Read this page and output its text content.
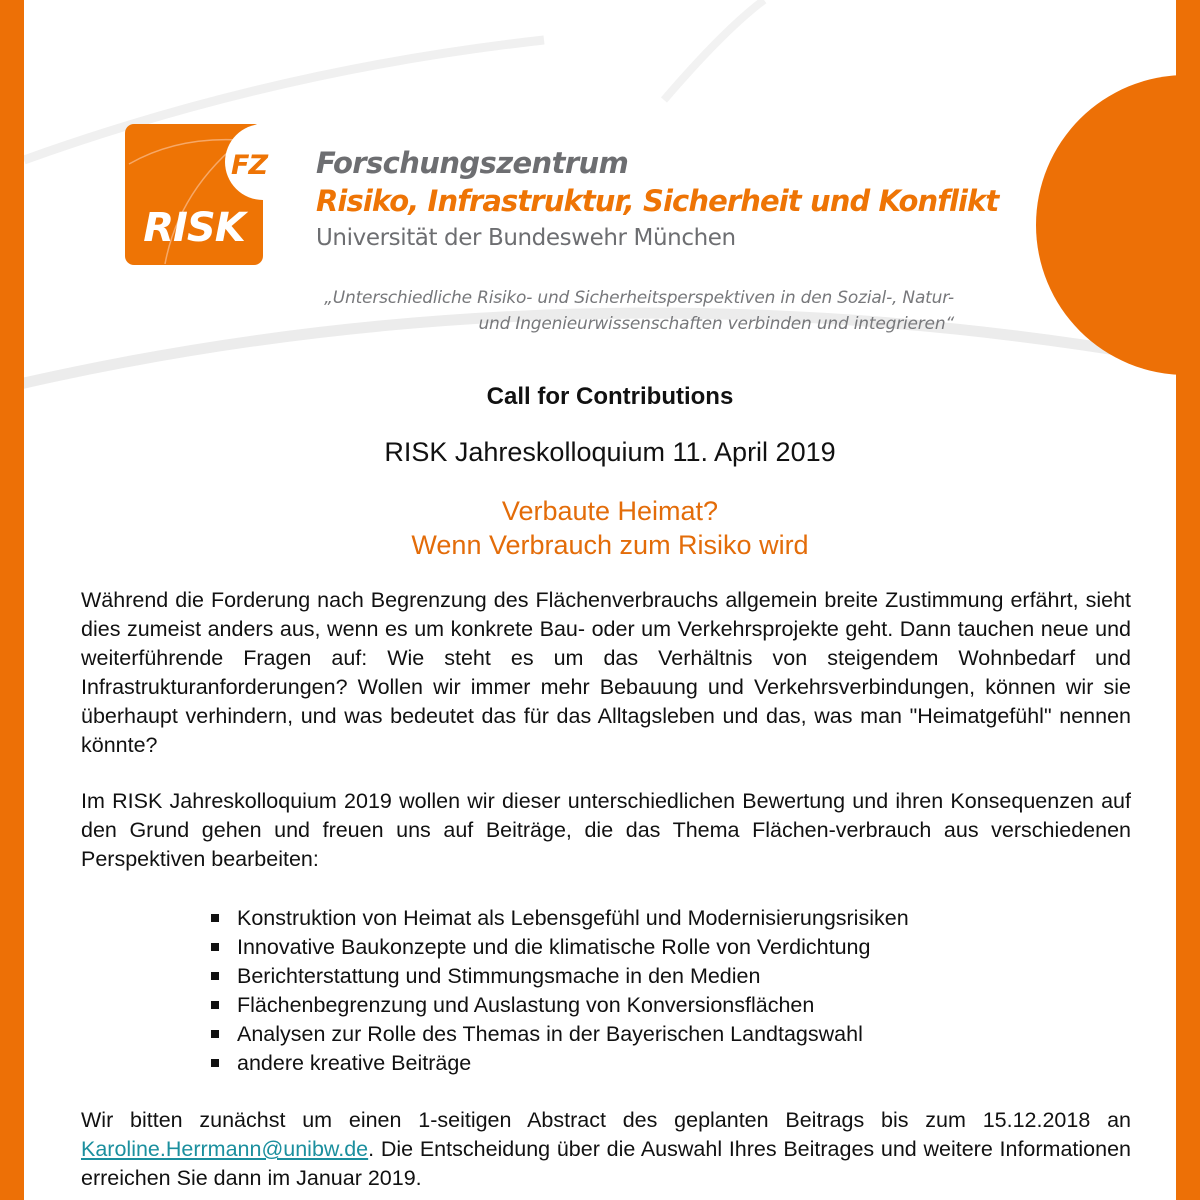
FZ
RISK
Forschungszentrum
Risiko, Infrastruktur, Sicherheit und Konflikt
Universität der Bundeswehr München
„Unterschiedliche Risiko- und Sicherheitsperspektiven in den Sozial-, Natur-
und Ingenieurwissenschaften verbinden und integrieren“
Call for Contributions
RISK Jahreskolloquium 11. April 2019
Verbaute Heimat?
Wenn Verbrauch zum Risiko wird

Während die Forderung nach Begrenzung des Flächenverbrauchs allgemein breite Zustimmung erfährt, sieht dies zumeist anders aus, wenn es um konkrete Bau- oder um Verkehrsprojekte geht. Dann tauchen neue und weiterführende Fragen auf: Wie steht es um das Verhältnis von steigendem Wohnbedarf und Infrastrukturanforderungen? Wollen wir immer mehr Bebauung und Verkehrsverbindungen, können wir sie überhaupt verhindern, und was bedeutet das für das Alltagsleben und das, was man "Heimatgefühl" nennen könnte?

Im RISK Jahreskolloquium 2019 wollen wir dieser unterschiedlichen Bewertung und ihren Konsequenzen auf den Grund gehen und freuen uns auf Beiträge, die das Thema Flächen-verbrauch aus verschiedenen Perspektiven bearbeiten:

Konstruktion von Heimat als Lebensgefühl und Modernisierungsrisiken
Innovative Baukonzepte und die klimatische Rolle von Verdichtung
Berichterstattung und Stimmungsmache in den Medien
Flächenbegrenzung und Auslastung von Konversionsflächen
Analysen zur Rolle des Themas in der Bayerischen Landtagswahl
andere kreative Beiträge

Wir bitten zunächst um einen 1-seitigen Abstract des geplanten Beitrags bis zum 15.12.2018 an Karoline.Herrmann@unibw.de. Die Entscheidung über die Auswahl Ihres Beitrages und weitere Informationen erreichen Sie dann im Januar 2019.
